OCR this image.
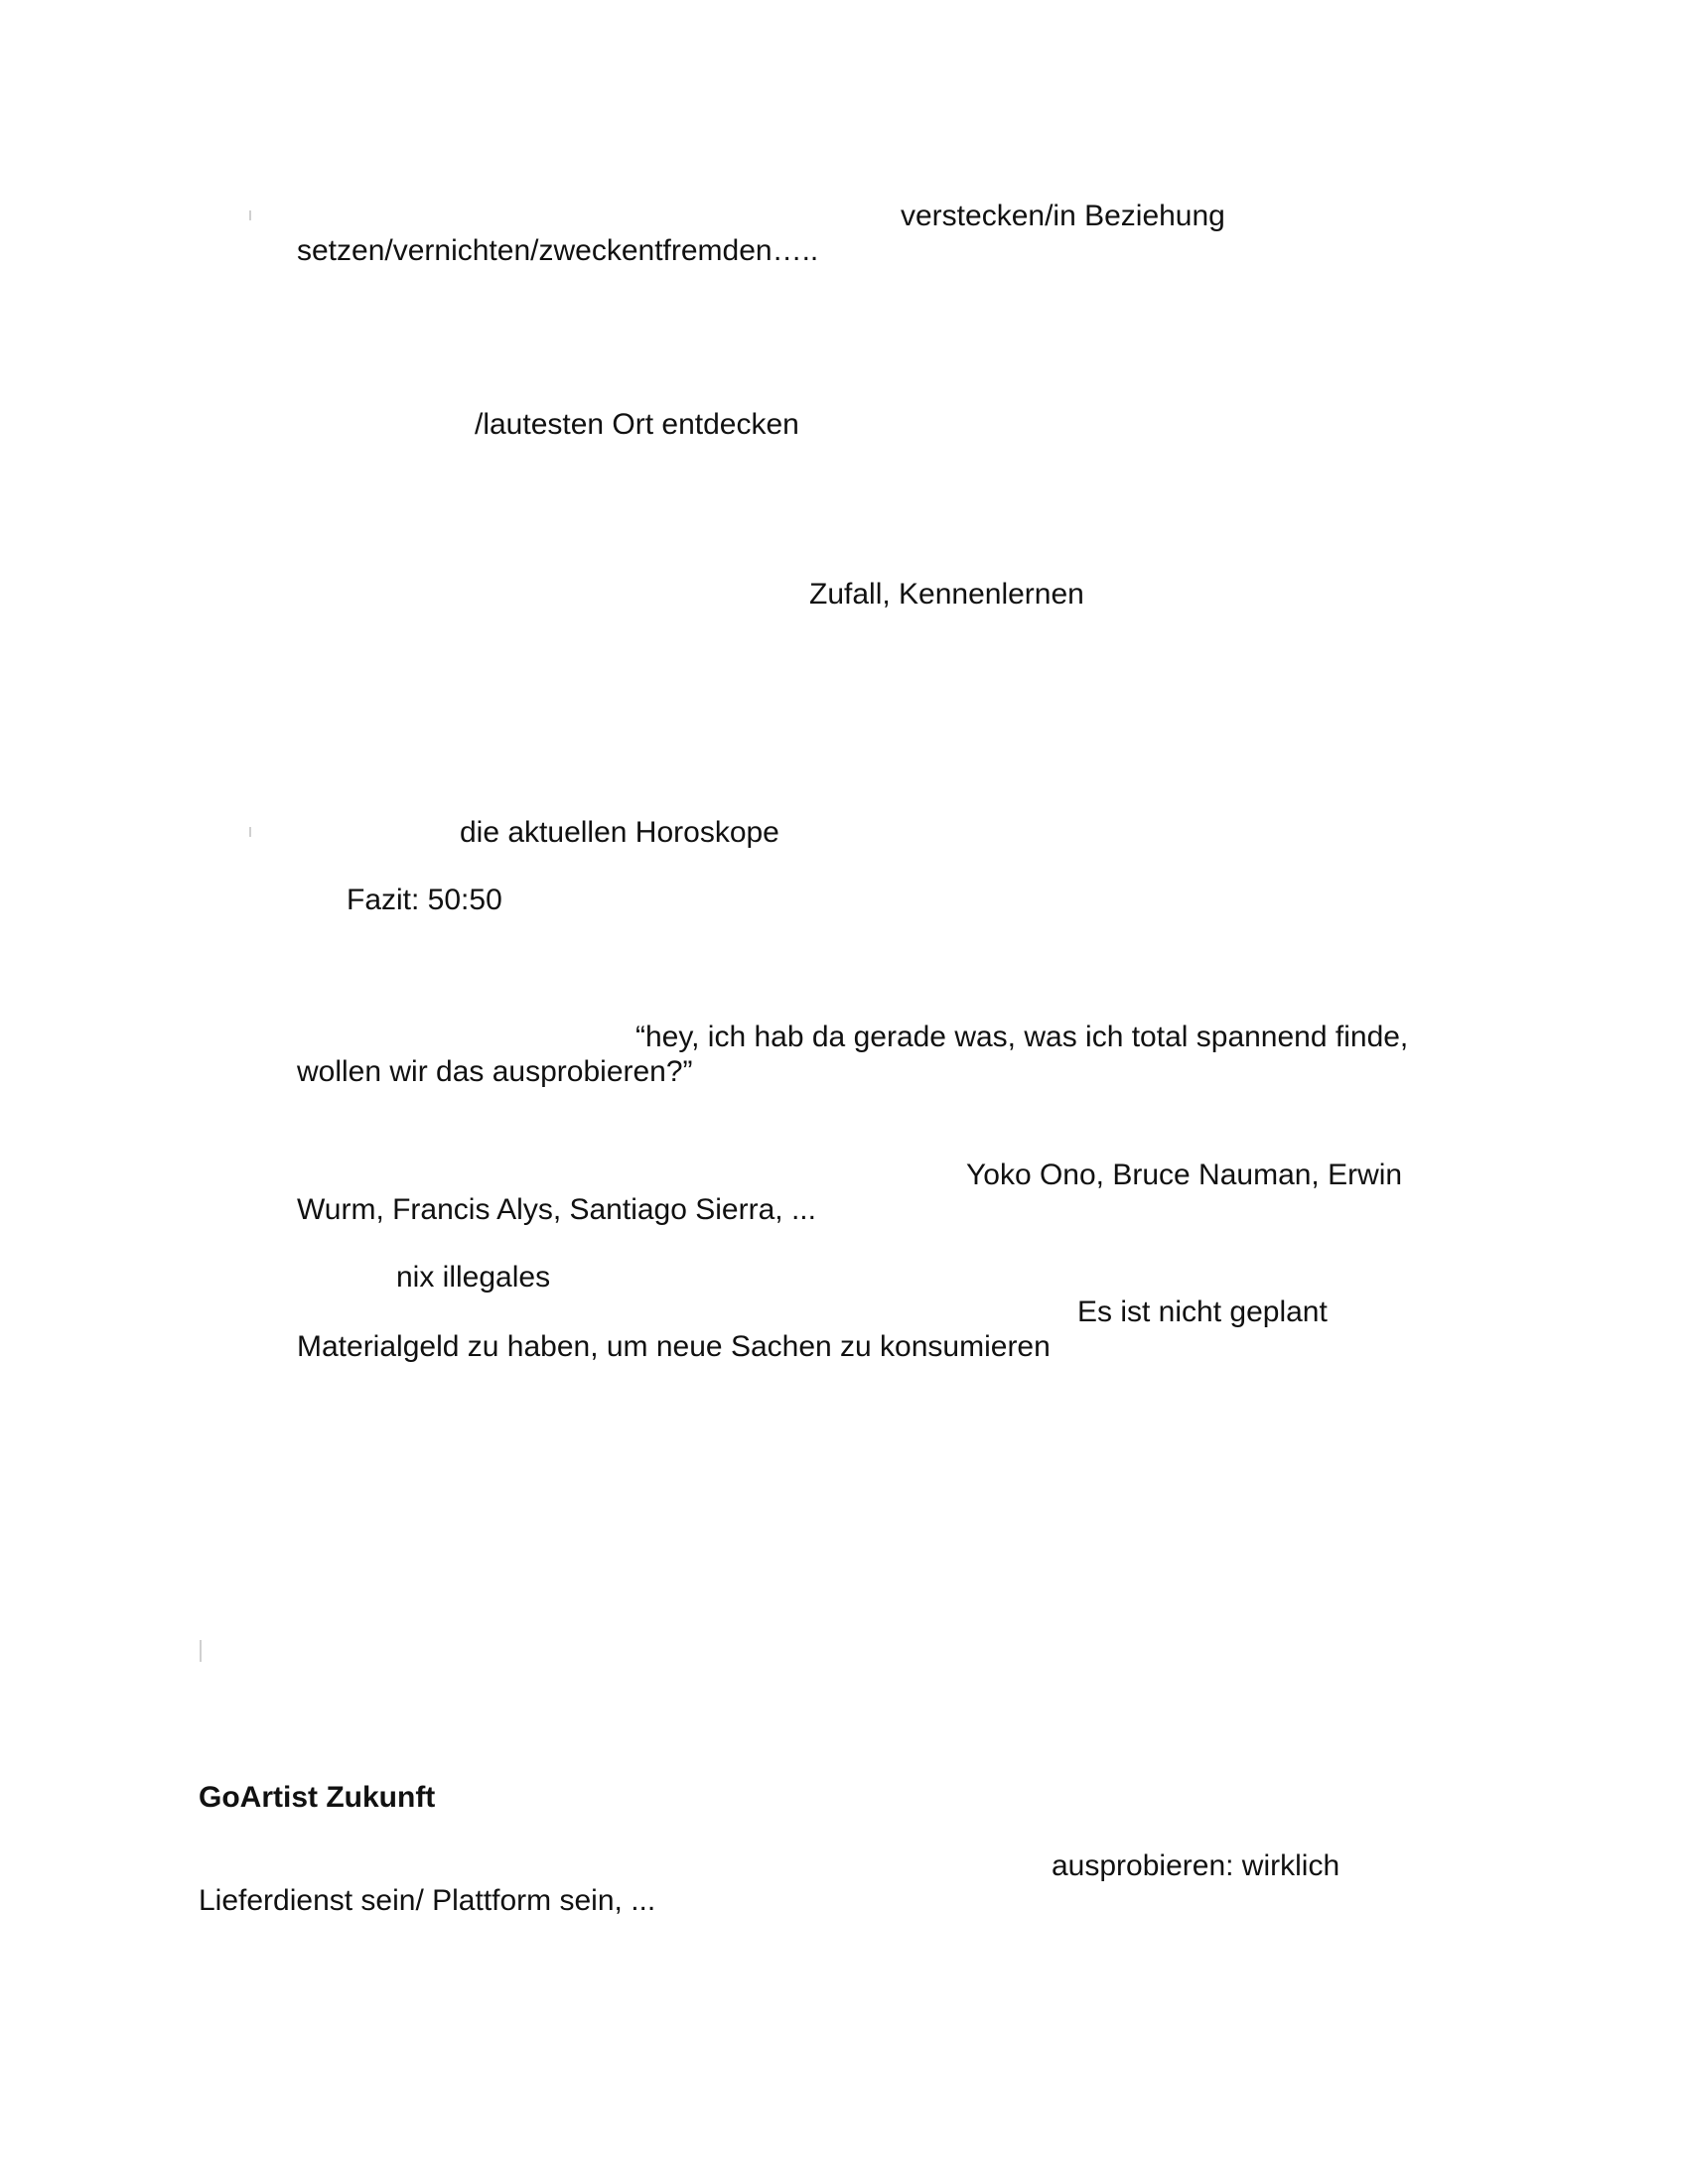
verstecken/in Beziehung
setzen/vernichten/zweckentfremden…..
/lautesten Ort entdecken
Zufall, Kennenlernen
die aktuellen Horoskope
Fazit: 50:50
“hey, ich hab da gerade was, was ich total spannend finde,
wollen wir das ausprobieren?”
Yoko Ono, Bruce Nauman, Erwin
Wurm, Francis Alys, Santiago Sierra, ...
nix illegales
Es ist nicht geplant
Materialgeld zu haben, um neue Sachen zu konsumieren
GoArtist Zukunft
ausprobieren: wirklich
Lieferdienst sein/ Plattform sein, ...
